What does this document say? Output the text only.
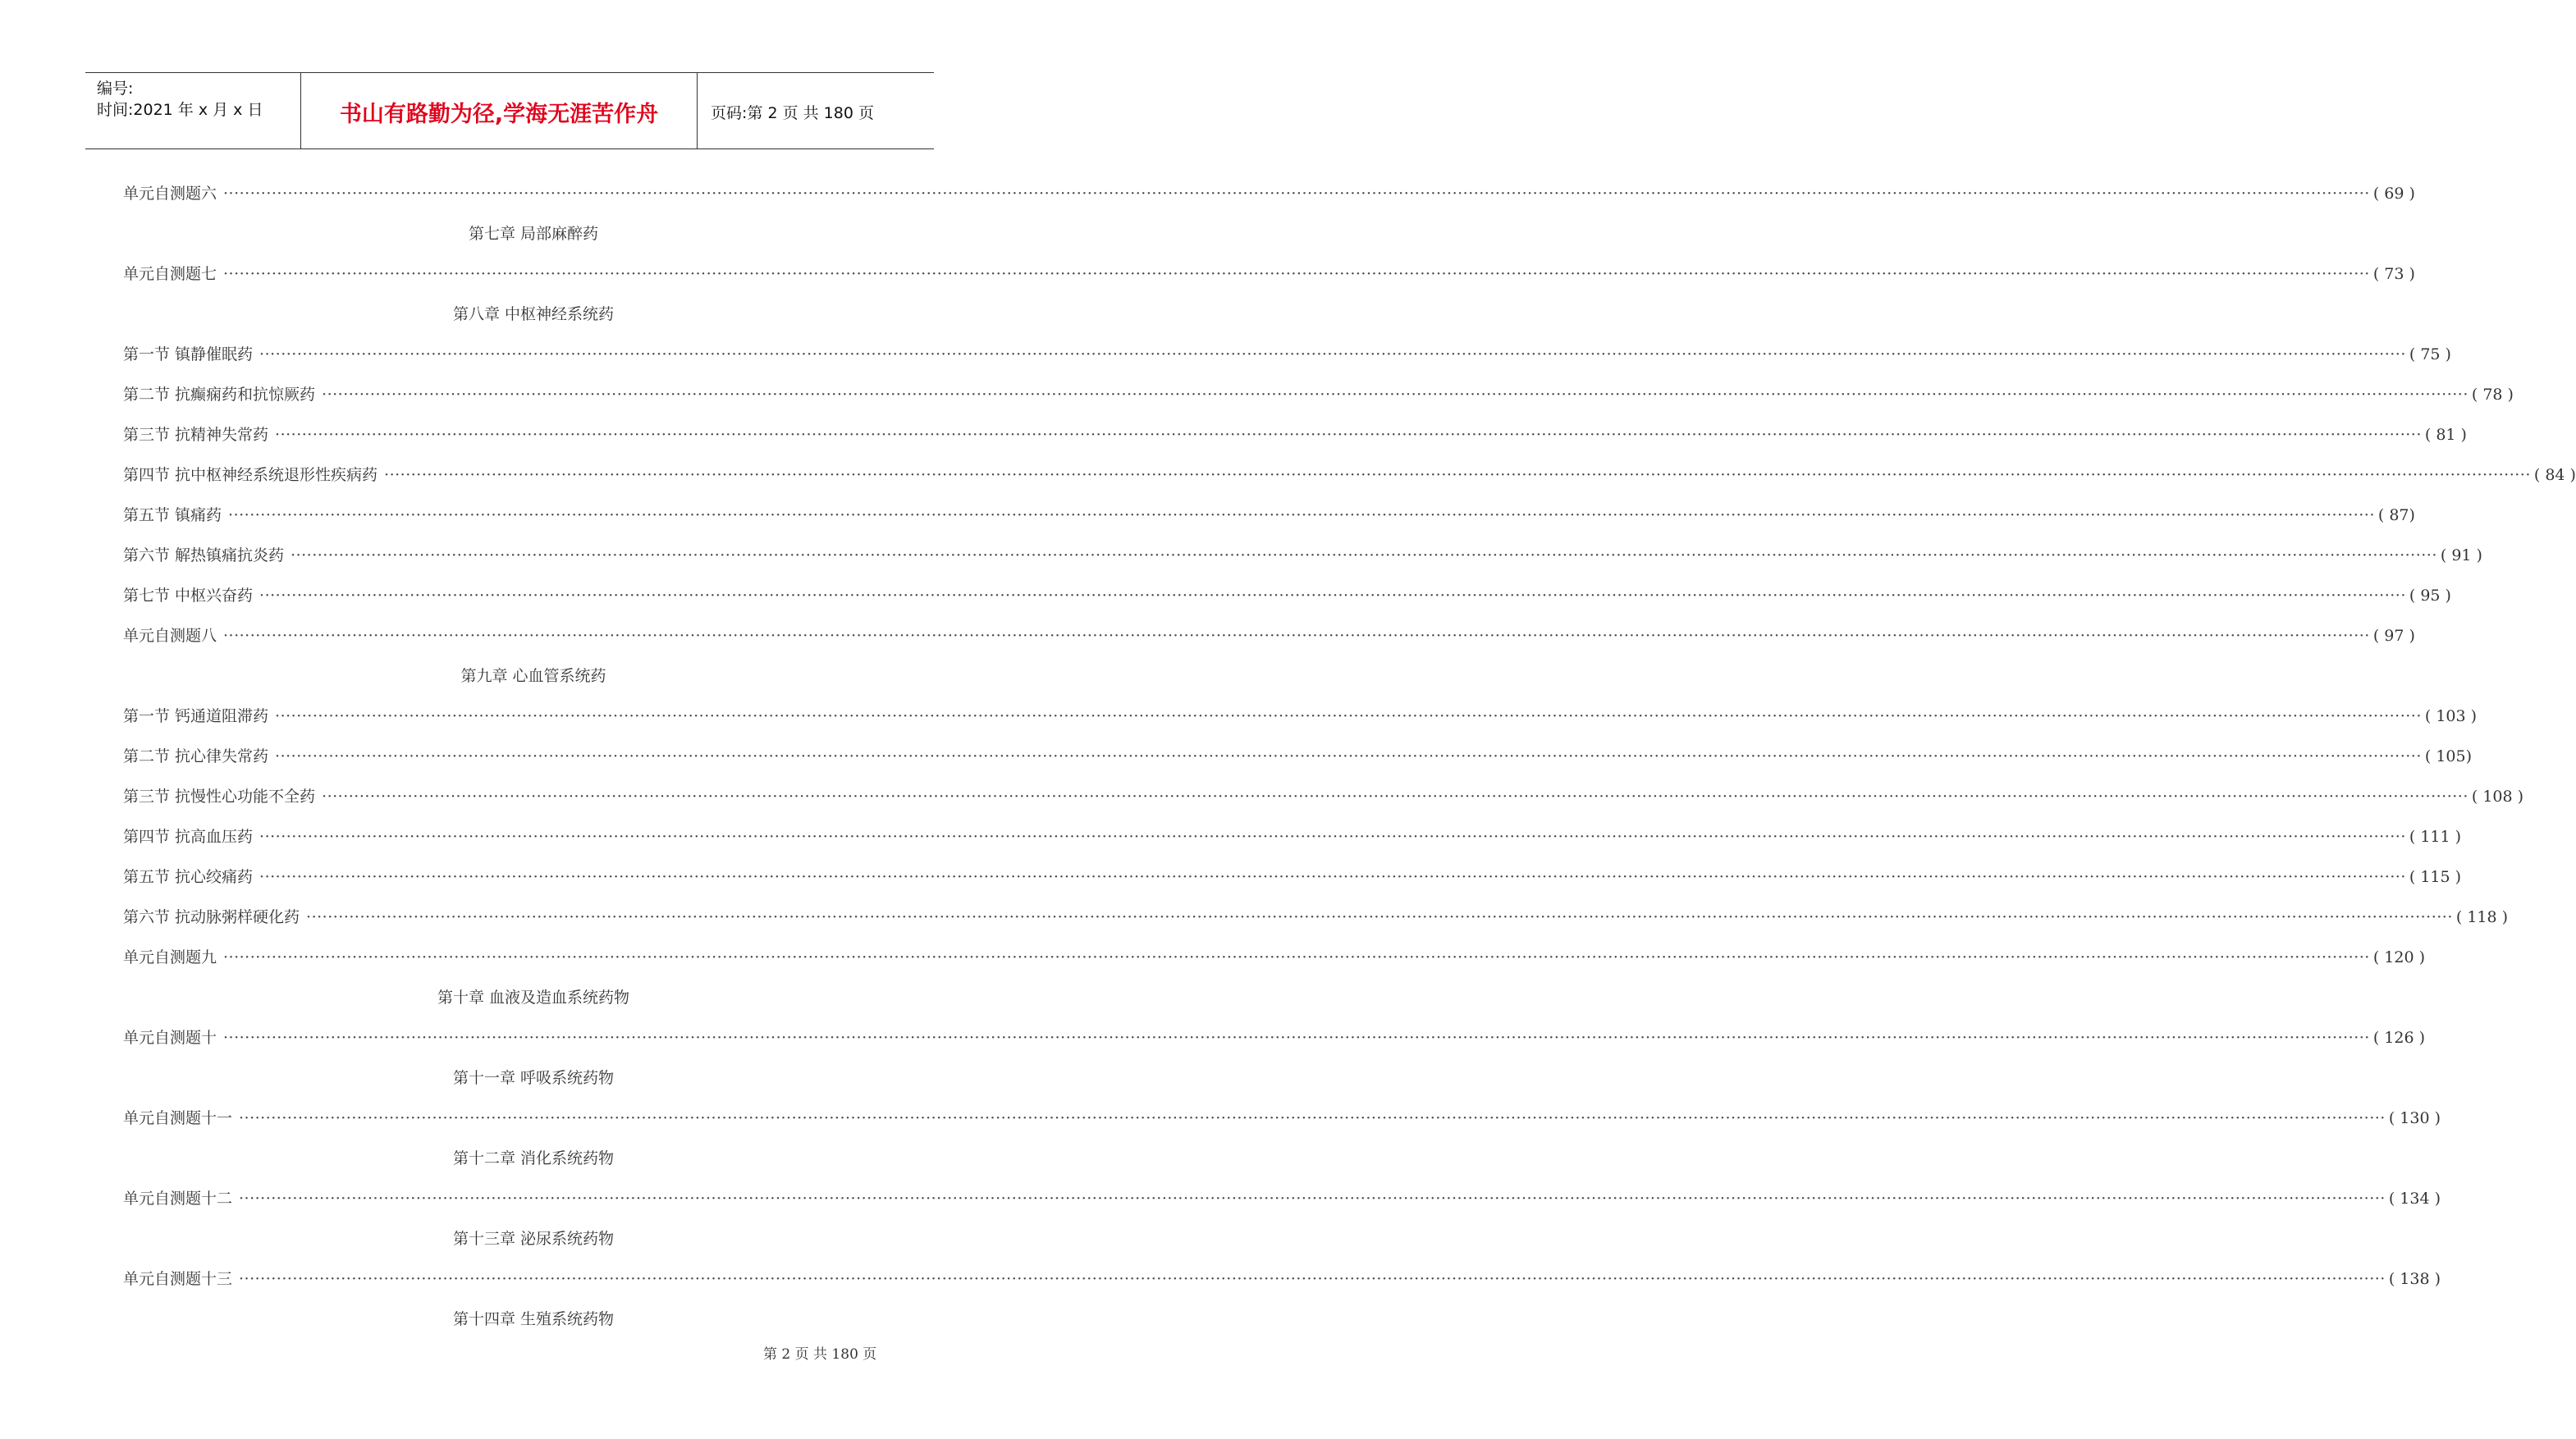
编号:
时间:2021 年 x 月 x 日	书山有路勤为径,学海无涯苦作舟	页码:第 2 页 共 180 页
单元自测题六 ················································································································································································································································································································································································································ ( 69 )
第七章 局部麻醉药
单元自测题七 ················································································································································································································································································································································································································ ( 73 )
第八章 中枢神经系统药
第一节 镇静催眠药 ················································································································································································································································································································································································································ ( 75 )
第二节 抗癫痫药和抗惊厥药 ················································································································································································································································································································································································································ ( 78 )
第三节 抗精神失常药 ················································································································································································································································································································································································································ ( 81 )
第四节 抗中枢神经系统退形性疾病药 ················································································································································································································································································································································································································ ( 84 )
第五节 镇痛药 ················································································································································································································································································································································································································ ( 87)
第六节 解热镇痛抗炎药 ················································································································································································································································································································································································································ ( 91 )
第七节 中枢兴奋药 ················································································································································································································································································································································································································ ( 95 )
单元自测题八 ················································································································································································································································································································································································································ ( 97 )
第九章 心血管系统药
第一节 钙通道阻滞药 ················································································································································································································································································································································································································ ( 103 )
第二节 抗心律失常药 ················································································································································································································································································································································································································ ( 105)
第三节 抗慢性心功能不全药 ················································································································································································································································································································································································································ ( 108 )
第四节 抗高血压药 ················································································································································································································································································································································································································ ( 111 )
第五节 抗心绞痛药 ················································································································································································································································································································································································································ ( 115 )
第六节 抗动脉粥样硬化药 ················································································································································································································································································································································································································ ( 118 )
单元自测题九 ················································································································································································································································································································································································································ ( 120 )
第十章 血液及造血系统药物
单元自测题十 ················································································································································································································································································································································································································ ( 126 )
第十一章 呼吸系统药物
单元自测题十一 ················································································································································································································································································································································································································ ( 130 )
第十二章 消化系统药物
单元自测题十二 ················································································································································································································································································································································································································ ( 134 )
第十三章 泌尿系统药物
单元自测题十三 ················································································································································································································································································································································································································ ( 138 )
第十四章 生殖系统药物
第 2 页 共 180 页
